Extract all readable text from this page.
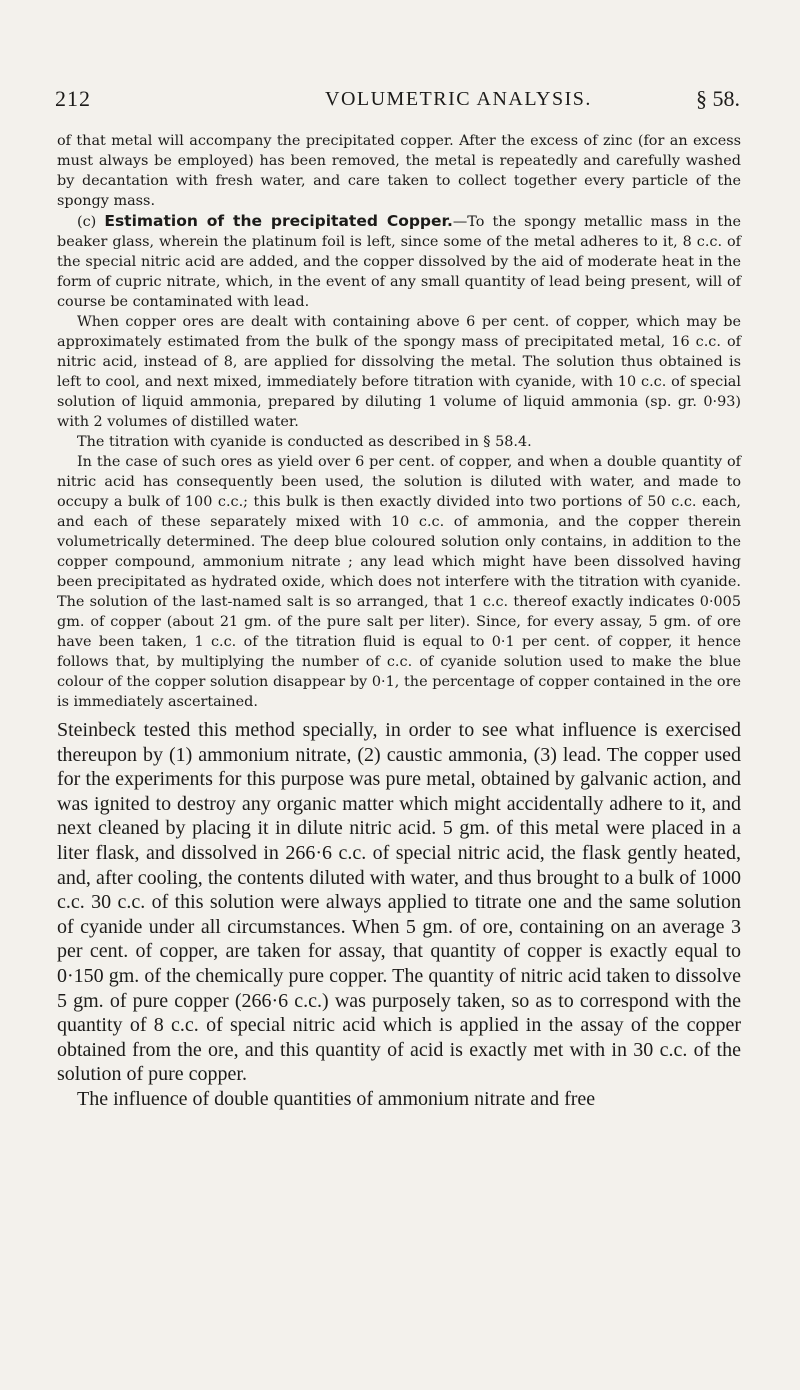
212	VOLUMETRIC ANALYSIS.	§ 58.

of that metal will accompany the precipitated copper. After the excess of zinc (for an excess must always be employed) has been removed, the metal is repeatedly and carefully washed by decantation with fresh water, and care taken to collect together every particle of the spongy mass.

(c) Estimation of the precipitated Copper.—To the spongy metallic mass in the beaker glass, wherein the platinum foil is left, since some of the metal adheres to it, 8 c.c. of the special nitric acid are added, and the copper dissolved by the aid of moderate heat in the form of cupric nitrate, which, in the event of any small quantity of lead being present, will of course be contaminated with lead.

When copper ores are dealt with containing above 6 per cent. of copper, which may be approximately estimated from the bulk of the spongy mass of precipitated metal, 16 c.c. of nitric acid, instead of 8, are applied for dissolving the metal. The solution thus obtained is left to cool, and next mixed, immediately before titration with cyanide, with 10 c.c. of special solution of liquid ammonia, prepared by diluting 1 volume of liquid ammonia (sp. gr. 0·93) with 2 volumes of distilled water.

The titration with cyanide is conducted as described in § 58.4.

In the case of such ores as yield over 6 per cent. of copper, and when a double quantity of nitric acid has consequently been used, the solution is diluted with water, and made to occupy a bulk of 100 c.c.; this bulk is then exactly divided into two portions of 50 c.c. each, and each of these separately mixed with 10 c.c. of ammonia, and the copper therein volumetrically determined. The deep blue coloured solution only contains, in addition to the copper compound, ammonium nitrate ; any lead which might have been dissolved having been precipitated as hydrated oxide, which does not interfere with the titration with cyanide. The solution of the last-named salt is so arranged, that 1 c.c. thereof exactly indicates 0·005 gm. of copper (about 21 gm. of the pure salt per liter). Since, for every assay, 5 gm. of ore have been taken, 1 c.c. of the titration fluid is equal to 0·1 per cent. of copper, it hence follows that, by multiplying the number of c.c. of cyanide solution used to make the blue colour of the copper solution disappear by 0·1, the percentage of copper contained in the ore is immediately ascertained.

Steinbeck tested this method specially, in order to see what influence is exercised thereupon by (1) ammonium nitrate, (2) caustic ammonia, (3) lead. The copper used for the experiments for this purpose was pure metal, obtained by galvanic action, and was ignited to destroy any organic matter which might accidentally adhere to it, and next cleaned by placing it in dilute nitric acid. 5 gm. of this metal were placed in a liter flask, and dissolved in 266·6 c.c. of special nitric acid, the flask gently heated, and, after cooling, the contents diluted with water, and thus brought to a bulk of 1000 c.c. 30 c.c. of this solution were always applied to titrate one and the same solution of cyanide under all circumstances. When 5 gm. of ore, containing on an average 3 per cent. of copper, are taken for assay, that quantity of copper is exactly equal to 0·150 gm. of the chemically pure copper. The quantity of nitric acid taken to dissolve 5 gm. of pure copper (266·6 c.c.) was purposely taken, so as to correspond with the quantity of 8 c.c. of special nitric acid which is applied in the assay of the copper obtained from the ore, and this quantity of acid is exactly met with in 30 c.c. of the solution of pure copper.

The influence of double quantities of ammonium nitrate and free
